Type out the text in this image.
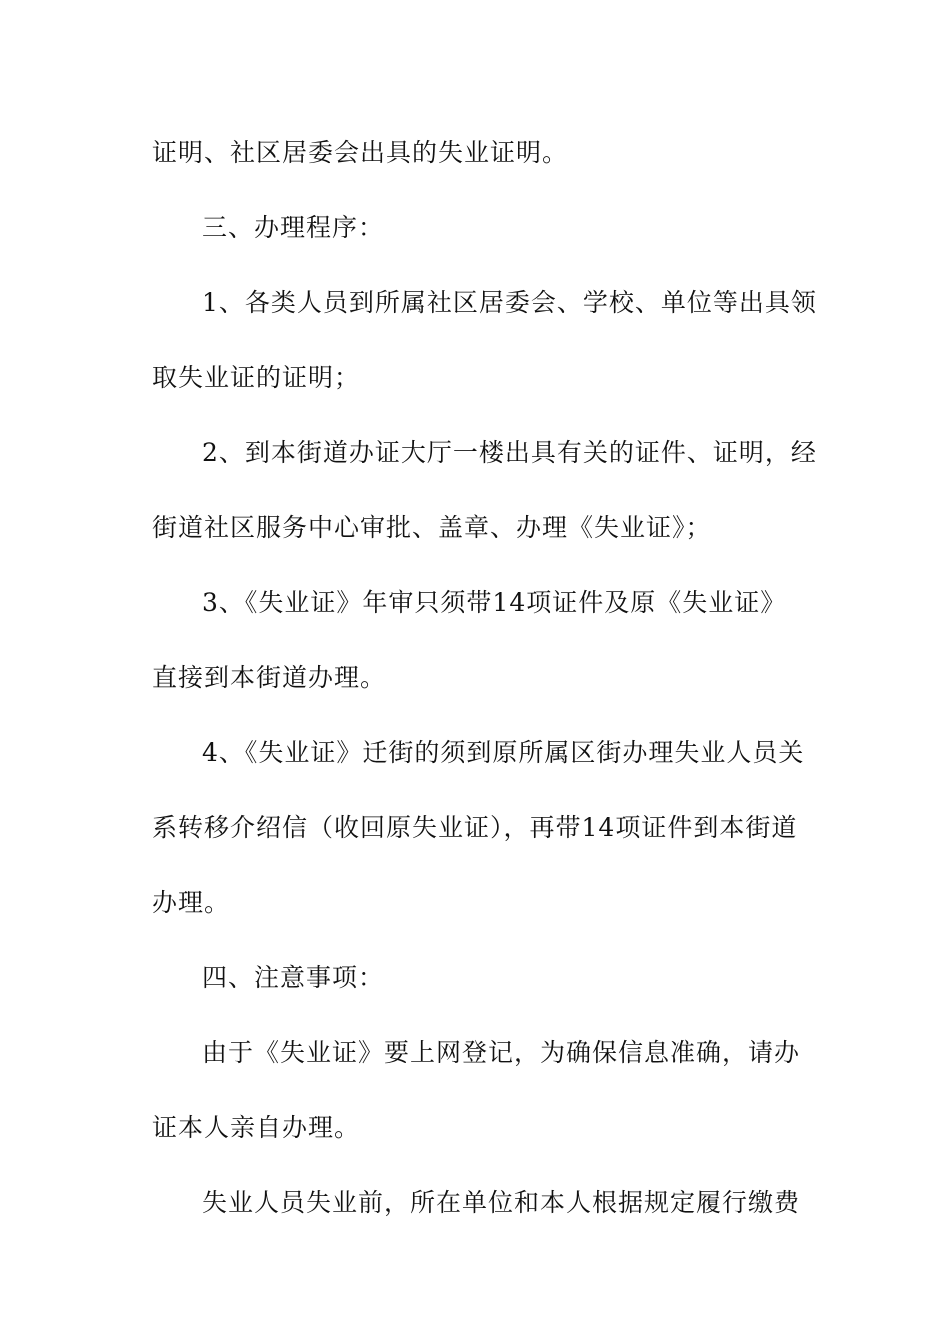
证明、社区居委会出具的失业证明。

三、办理程序：

1、各类人员到所属社区居委会、学校、单位等出具领

取失业证的证明；

2、到本街道办证大厅一楼出具有关的证件、证明，经

街道社区服务中心审批、盖章、办理《失业证》；

3、《失业证》年审只须带14项证件及原《失业证》

直接到本街道办理。

4、《失业证》迁街的须到原所属区街办理失业人员关

系转移介绍信（收回原失业证），再带14项证件到本街道

办理。

四、注意事项：

由于《失业证》要上网登记，为确保信息准确，请办

证本人亲自办理。

失业人员失业前，所在单位和本人根据规定履行缴费
